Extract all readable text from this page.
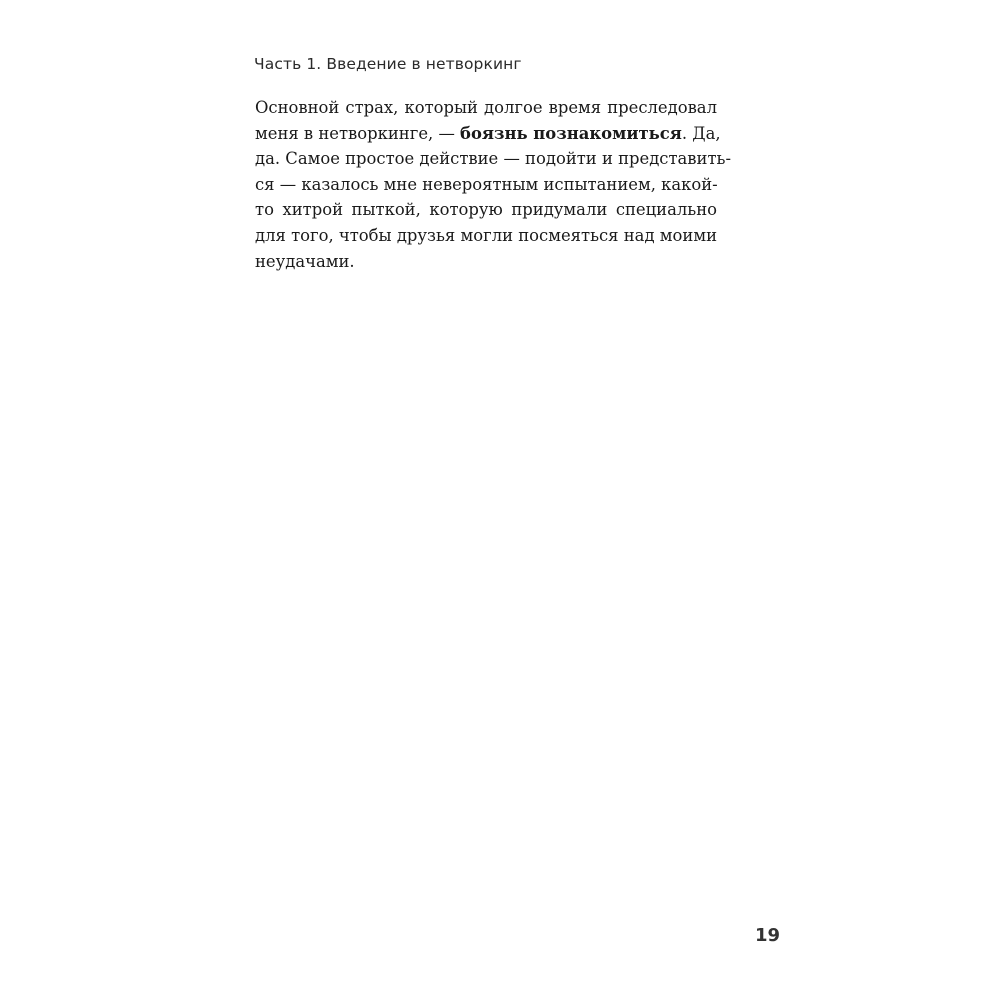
Часть 1. Введение в нетворкинг

Основной страх, который долгое время преследовал
меня в нетворкинге, — боязнь познакомиться. Да,
да. Самое простое действие — подойти и представить-
ся — казалось мне невероятным испытанием, какой-
то хитрой пыткой, которую придумали специально
для того, чтобы друзья могли посмеяться над моими
неудачами.

19
